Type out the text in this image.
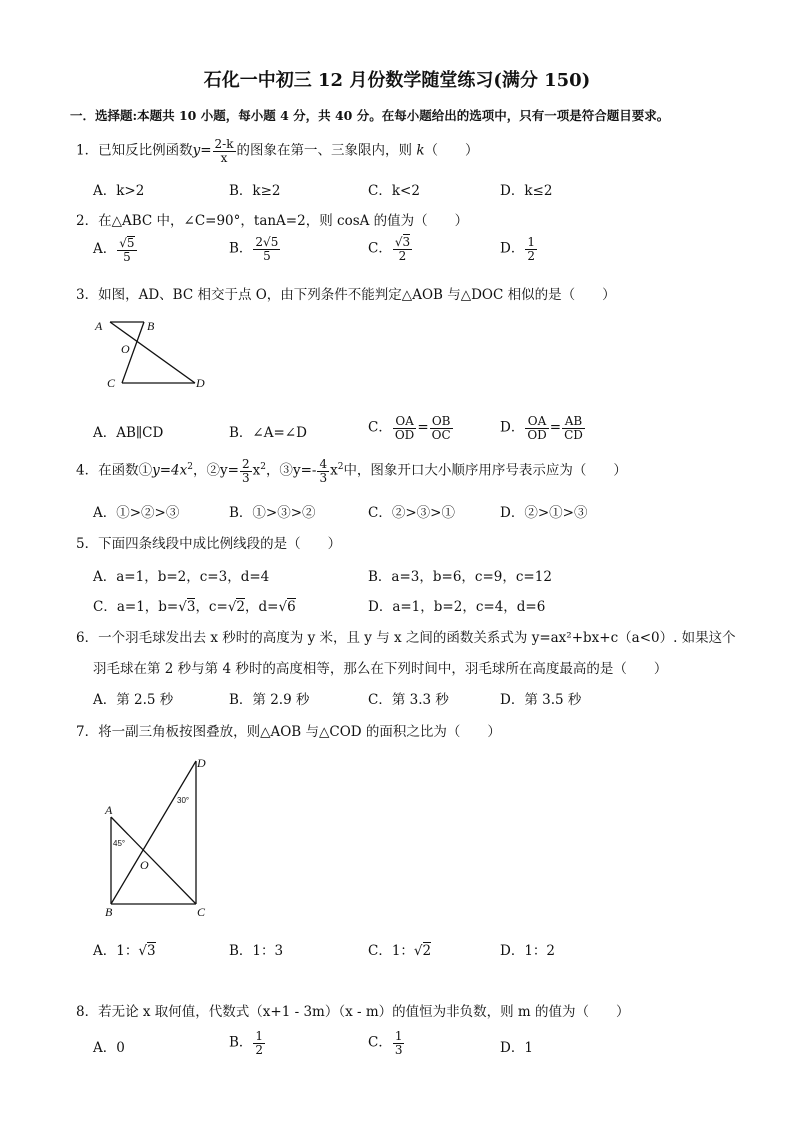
石化一中初三 12 月份数学随堂练习(满分 150)
一．选择题:本题共 10 小题，每小题 4 分，共 40 分。在每小题给出的选项中，只有一项是符合题目要求。
1．已知反比例函数$y= \frac{2-k}{x}$ 的图象在第一、三象限内，则 k（　　）
A．k>2	B．k≥2	C．k<2	D．k≤2
2．在△ABC 中，∠C=90°，tanA=2，则 cosA 的值为（　　）
A． $\frac{√5}{5}$	B． $\frac{2√5}{5}$	C． $\frac{√3}{2}$	D． $\frac{1}{2}$
3．如图，AD、BC 相交于点 O，由下列条件不能判定△AOB 与△DOC 相似的是（　　）
A	B
O
C	D
A．AB∥CD	B．∠A=∠D	C． $\frac{OA}{OD} = \frac{OB}{OC}$	D． $\frac{OA}{OD} = \frac{AB}{CD}$
4．在函数$①y=4x^2$，②y= $\frac{2}{3} x^2$，③y=- $\frac{4}{3} x^2$中，图象开口大小顺序用序号表示应为（　　）
A．①>②>③	B．①>③>②	C．②>③>①	D．②>①>③
5．下面四条线段中成比例线段的是（　　）
A．a=1，b=2，c=3，d=4	B．a=3，b=6，c=9，c=12
C．a=1，b=√3，c=√2，d=√6	D．a=1，b=2，c=4，d=6
6．一个羽毛球发出去 x 秒时的高度为 y 米，且 y 与 x 之间的函数关系式为 y=ax²+bx+c（a<0）. 如果这个
羽毛球在第 2 秒与第 4 秒时的高度相等，那么在下列时间中，羽毛球所在高度最高的是（　　）
A．第 2.5 秒	B．第 2.9 秒	C．第 3.3 秒	D．第 3.5 秒
7．将一副三角板按图叠放，则△AOB 与△COD 的面积之比为（　　）
D
A
O
B	C
45°
30°
A．1：√3	B．1：3	C．1：√2	D．1：2
8．若无论 x 取何值，代数式（x+1 - 3m）（x - m）的值恒为非负数，则 m 的值为（　　）
A．0	B． $\frac{1}{2}$	C． $\frac{1}{3}$	D．1
